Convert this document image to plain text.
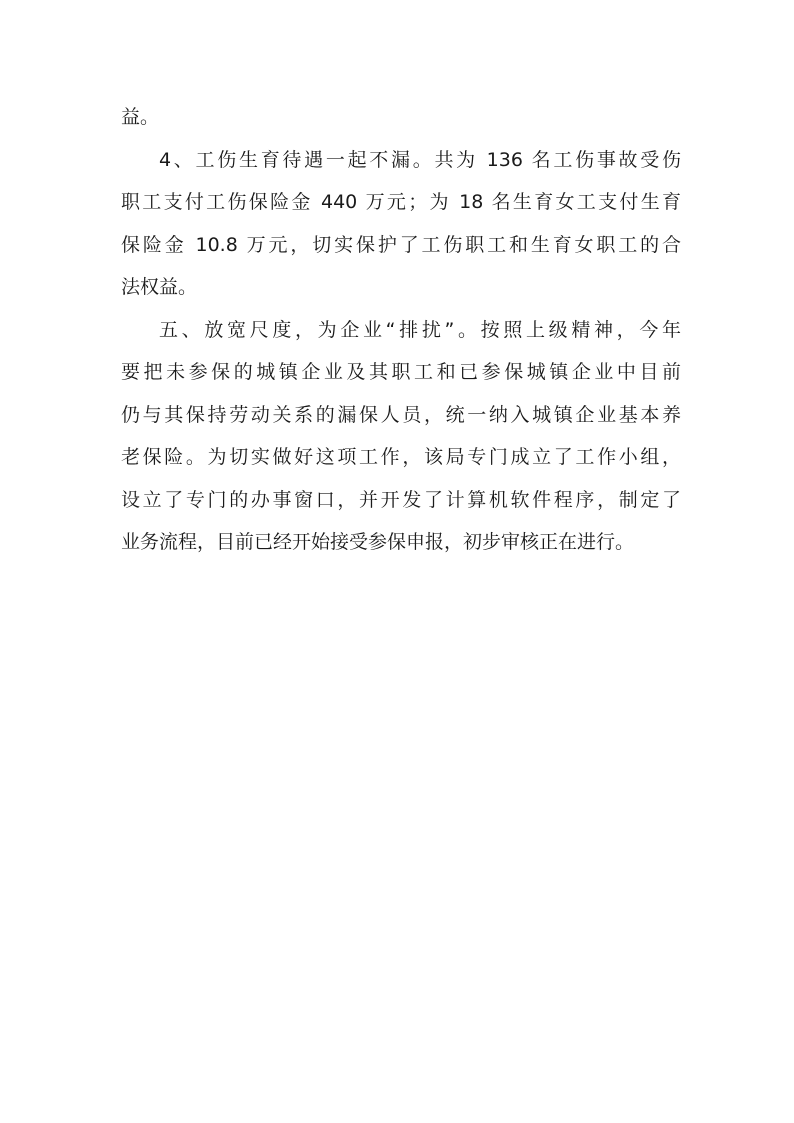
益。
4、工伤生育待遇一起不漏。共为 136 名工伤事故受伤
职工支付工伤保险金 440 万元；为 18 名生育女工支付生育
保险金 10.8 万元，切实保护了工伤职工和生育女职工的合
法权益。
五、放宽尺度，为企业“排扰”。按照上级精神，今年
要把未参保的城镇企业及其职工和已参保城镇企业中目前
仍与其保持劳动关系的漏保人员，统一纳入城镇企业基本养
老保险。为切实做好这项工作，该局专门成立了工作小组，
设立了专门的办事窗口，并开发了计算机软件程序，制定了
业务流程，目前已经开始接受参保申报，初步审核正在进行。
